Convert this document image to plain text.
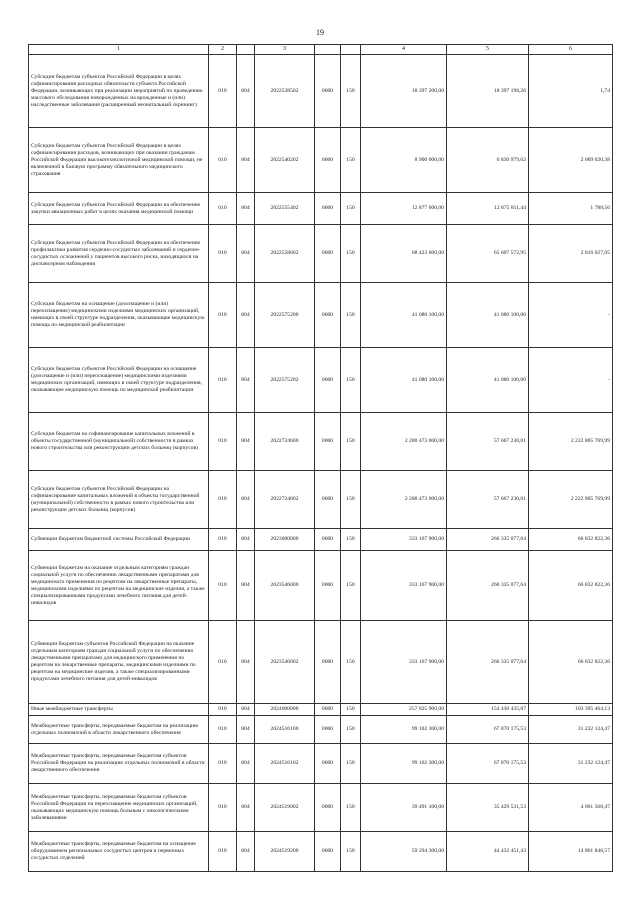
19
1	2		3			4	5	6
Субсидии бюджетам субъектов Российской Федерации в целях софинансирования расходных обязательств субъекта Российской Федерации, возникающих при реализации мероприятий по проведению массового обследования новорожденных на врожденные и (или) наследственные заболевания (расширенный неонатальный скрининг)	010	804	2022538502	0000	150	18 397 200,00	18 397 198,26	1,74
Субсидии бюджетам субъектов Российской Федерации в целях софинансирования расходов, возникающих при оказании гражданам Российской Федерации высокотехнологичной медицинской помощи, не включенной в базовую программу обязательного медицинского страхования	010	804	2022540202	0000	150	8 900 000,00	6 830 979,62	2 069 020,38
Субсидии бюджетам субъектов Российской Федерации на обеспечение закупки авиационных работ в целях оказания медицинской помощи	010	804	2022555402	0000	150	12 877 600,00	12 875 811,44	1 788,56
Субсидии бюджетам субъектов Российской Федерации на обеспечение профилактики развития сердечно-сосудистых заболеваний и сердечно-сосудистых осложнений у пациентов высокого риска, находящихся на диспансерном наблюдении	010	804	2022558602	0000	150	68 423 600,00	65 607 572,95	2 816 027,05
Субсидии бюджетам на оснащение (дооснащение и (или) переоснащение) медицинскими изделиями медицинских организаций, имеющих в своей структуре подразделения, оказывающие медицинскую помощь по медицинской реабилитации	010	804	2022575200	0000	150	41 080 100,00	41 080 100,00	-
Субсидии бюджетам субъектов Российской Федерации на оснащение (дооснащение и (или) переоснащение) медицинскими изделиями медицинских организаций, имеющих в своей структуре подразделения, оказывающие медицинскую помощь по медицинской реабилитации	010	804	2022575202	0000	150	41 080 100,00	41 080 100,00	-
Субсидии бюджетам на софинансирование капитальных вложений в объекты государственной (муниципальной) собственности в рамках нового строительства или реконструкции детских больниц (корпусов)	010	804	2022724600	0000	150	2 280 473 000,00	57 667 230,01	2 222 805 769,99
Субсидии бюджетам субъектов Российской Федерации на софинансирование капитальных вложений в объекты государственной (муниципальной) собственности в рамках нового строительства или реконструкции детских больниц (корпусов)	010	804	2022724602	0000	150	2 280 473 000,00	57 667 230,01	2 222 805 769,99
Субвенции бюджетам бюджетной системы Российской Федерации	010	804	2023000000	0000	150	333 167 900,00	266 335 077,64	66 832 822,36
Субвенции бюджетам на оказание отдельным категориям граждан социальной услуги по обеспечению лекарственными препаратами для медицинского применения по рецептам на лекарственные препараты, медицинскими изделиями по рецептам на медицинские изделия, а также специализированными продуктами лечебного питания для детей-инвалидов	010	804	2023546000	0000	150	333 167 900,00	266 335 077,64	66 832 822,36
Субвенции бюджетам субъектов Российской Федерации на оказание отдельным категориям граждан социальной услуги по обеспечению лекарственными препаратами для медицинского применения по рецептам на лекарственные препараты, медицинскими изделиями по рецептам на медицинские изделия, а также специализированными продуктами лечебного питания для детей-инвалидов	010	804	2023546002	0000	150	333 167 900,00	266 335 077,64	66 832 822,36
Иные межбюджетные трансферты	010	804	2024000000	0000	150	257 825 900,00	154 430 435,87	103 395 464,13
Межбюджетные трансферты, передаваемые бюджетам на реализацию отдельных полномочий в области лекарственного обеспечения	010	804	2024516100	0000	150	99 102 300,00	67 870 175,53	31 232 124,47
Межбюджетные трансферты, передаваемые бюджетам субъектов Российской Федерации на реализацию отдельных полномочий в области лекарственного обеспечения	010	804	2024516102	0000	150	99 102 300,00	67 870 175,53	31 232 124,47
Межбюджетные трансферты, передаваемые бюджетам субъектов Российской Федерации на переоснащение медицинских организаций, оказывающих медицинскую помощь больным с онкологическими заболеваниями	010	804	2024519002	0000	150	39 491 100,00	35 429 531,53	4 061 568,47
Межбюджетные трансферты, передаваемые бюджетам на оснащение оборудованием региональных сосудистых центров и первичных сосудистых отделений	010	804	2024519200	0000	150	59 294 300,00	44 432 451,43	14 861 848,57
